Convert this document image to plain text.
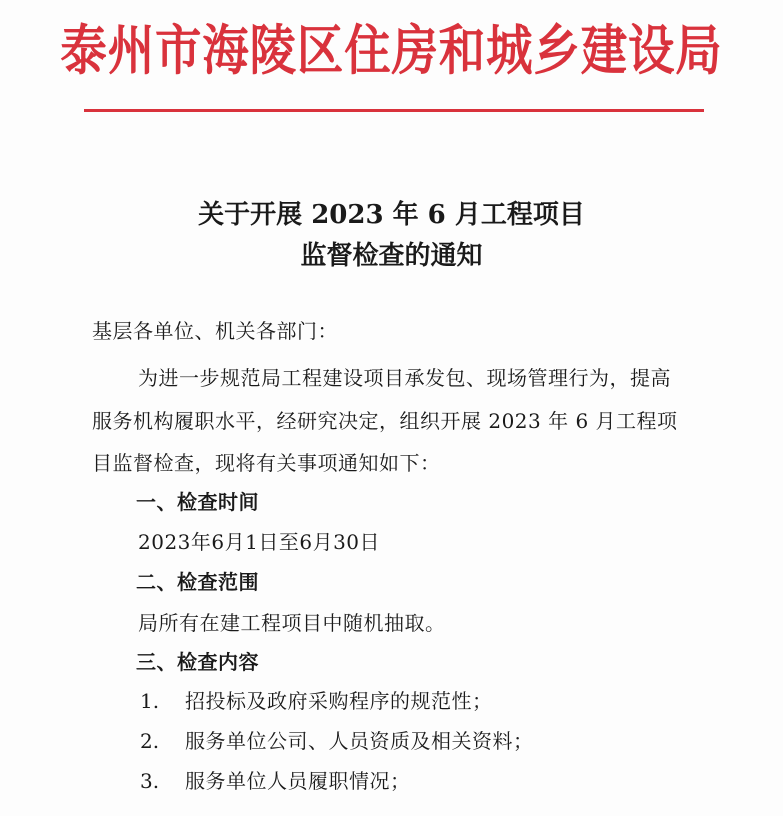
泰州市海陵区住房和城乡建设局
关于开展 2023 年 6 月工程项目
监督检查的通知
基层各单位、机关各部门：
为进一步规范局工程建设项目承发包、现场管理行为，提高
服务机构履职水平，经研究决定，组织开展 2023 年 6 月工程项
目监督检查，现将有关事项通知如下：
一、检查时间
2023年6月1日至6月30日
二、检查范围
局所有在建工程项目中随机抽取。
三、检查内容
1. 招投标及政府采购程序的规范性；
2. 服务单位公司、人员资质及相关资料；
3. 服务单位人员履职情况；
